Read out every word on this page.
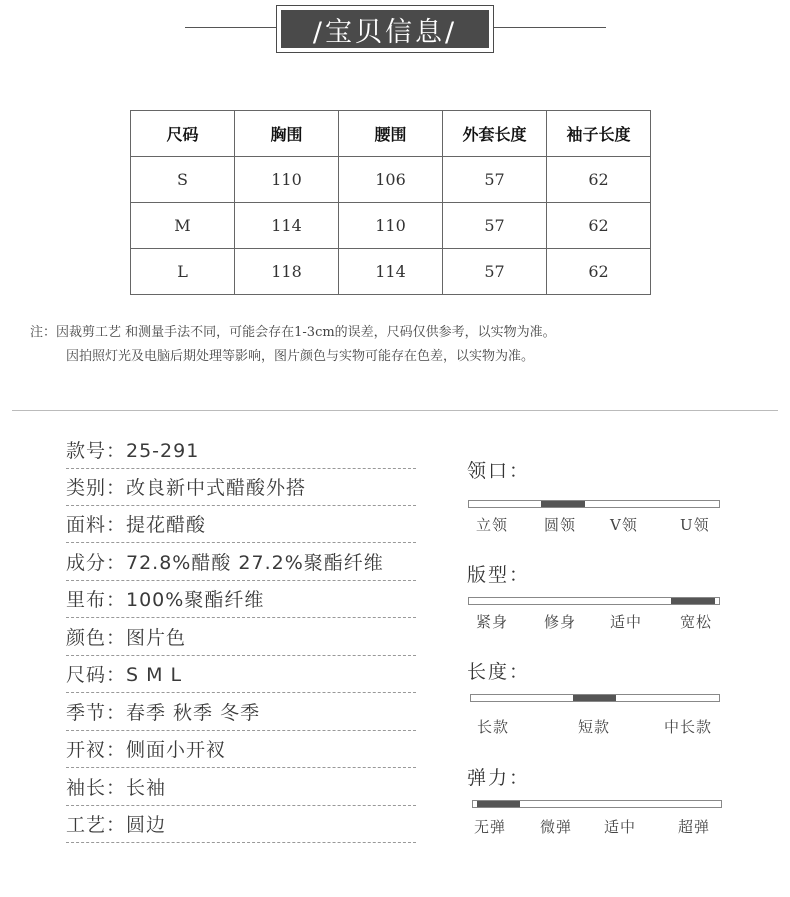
/宝贝信息/
尺码	胸围	腰围	外套长度	袖子长度
S	110	106	57	62
M	114	110	57	62
L	118	114	57	62
注：因裁剪工艺 和测量手法不同，可能会存在1-3cm的误差，尺码仅供参考，以实物为准。
因拍照灯光及电脑后期处理等影响，图片颜色与实物可能存在色差，以实物为准。
款号：25-291
类别：改良新中式醋酸外搭
面料：提花醋酸
成分：72.8%醋酸 27.2%聚酯纤维
里布：100%聚酯纤维
颜色：图片色
尺码：S M L
季节：春季 秋季 冬季
开衩：侧面小开衩
袖长：长袖
工艺：圆边
领口：
立领 圆领 V领	U领
版型：
紧身 修身 适中	宽松
长度：
长款	短款	中长款
弹力：
无弹 微弹 适中	超弹
